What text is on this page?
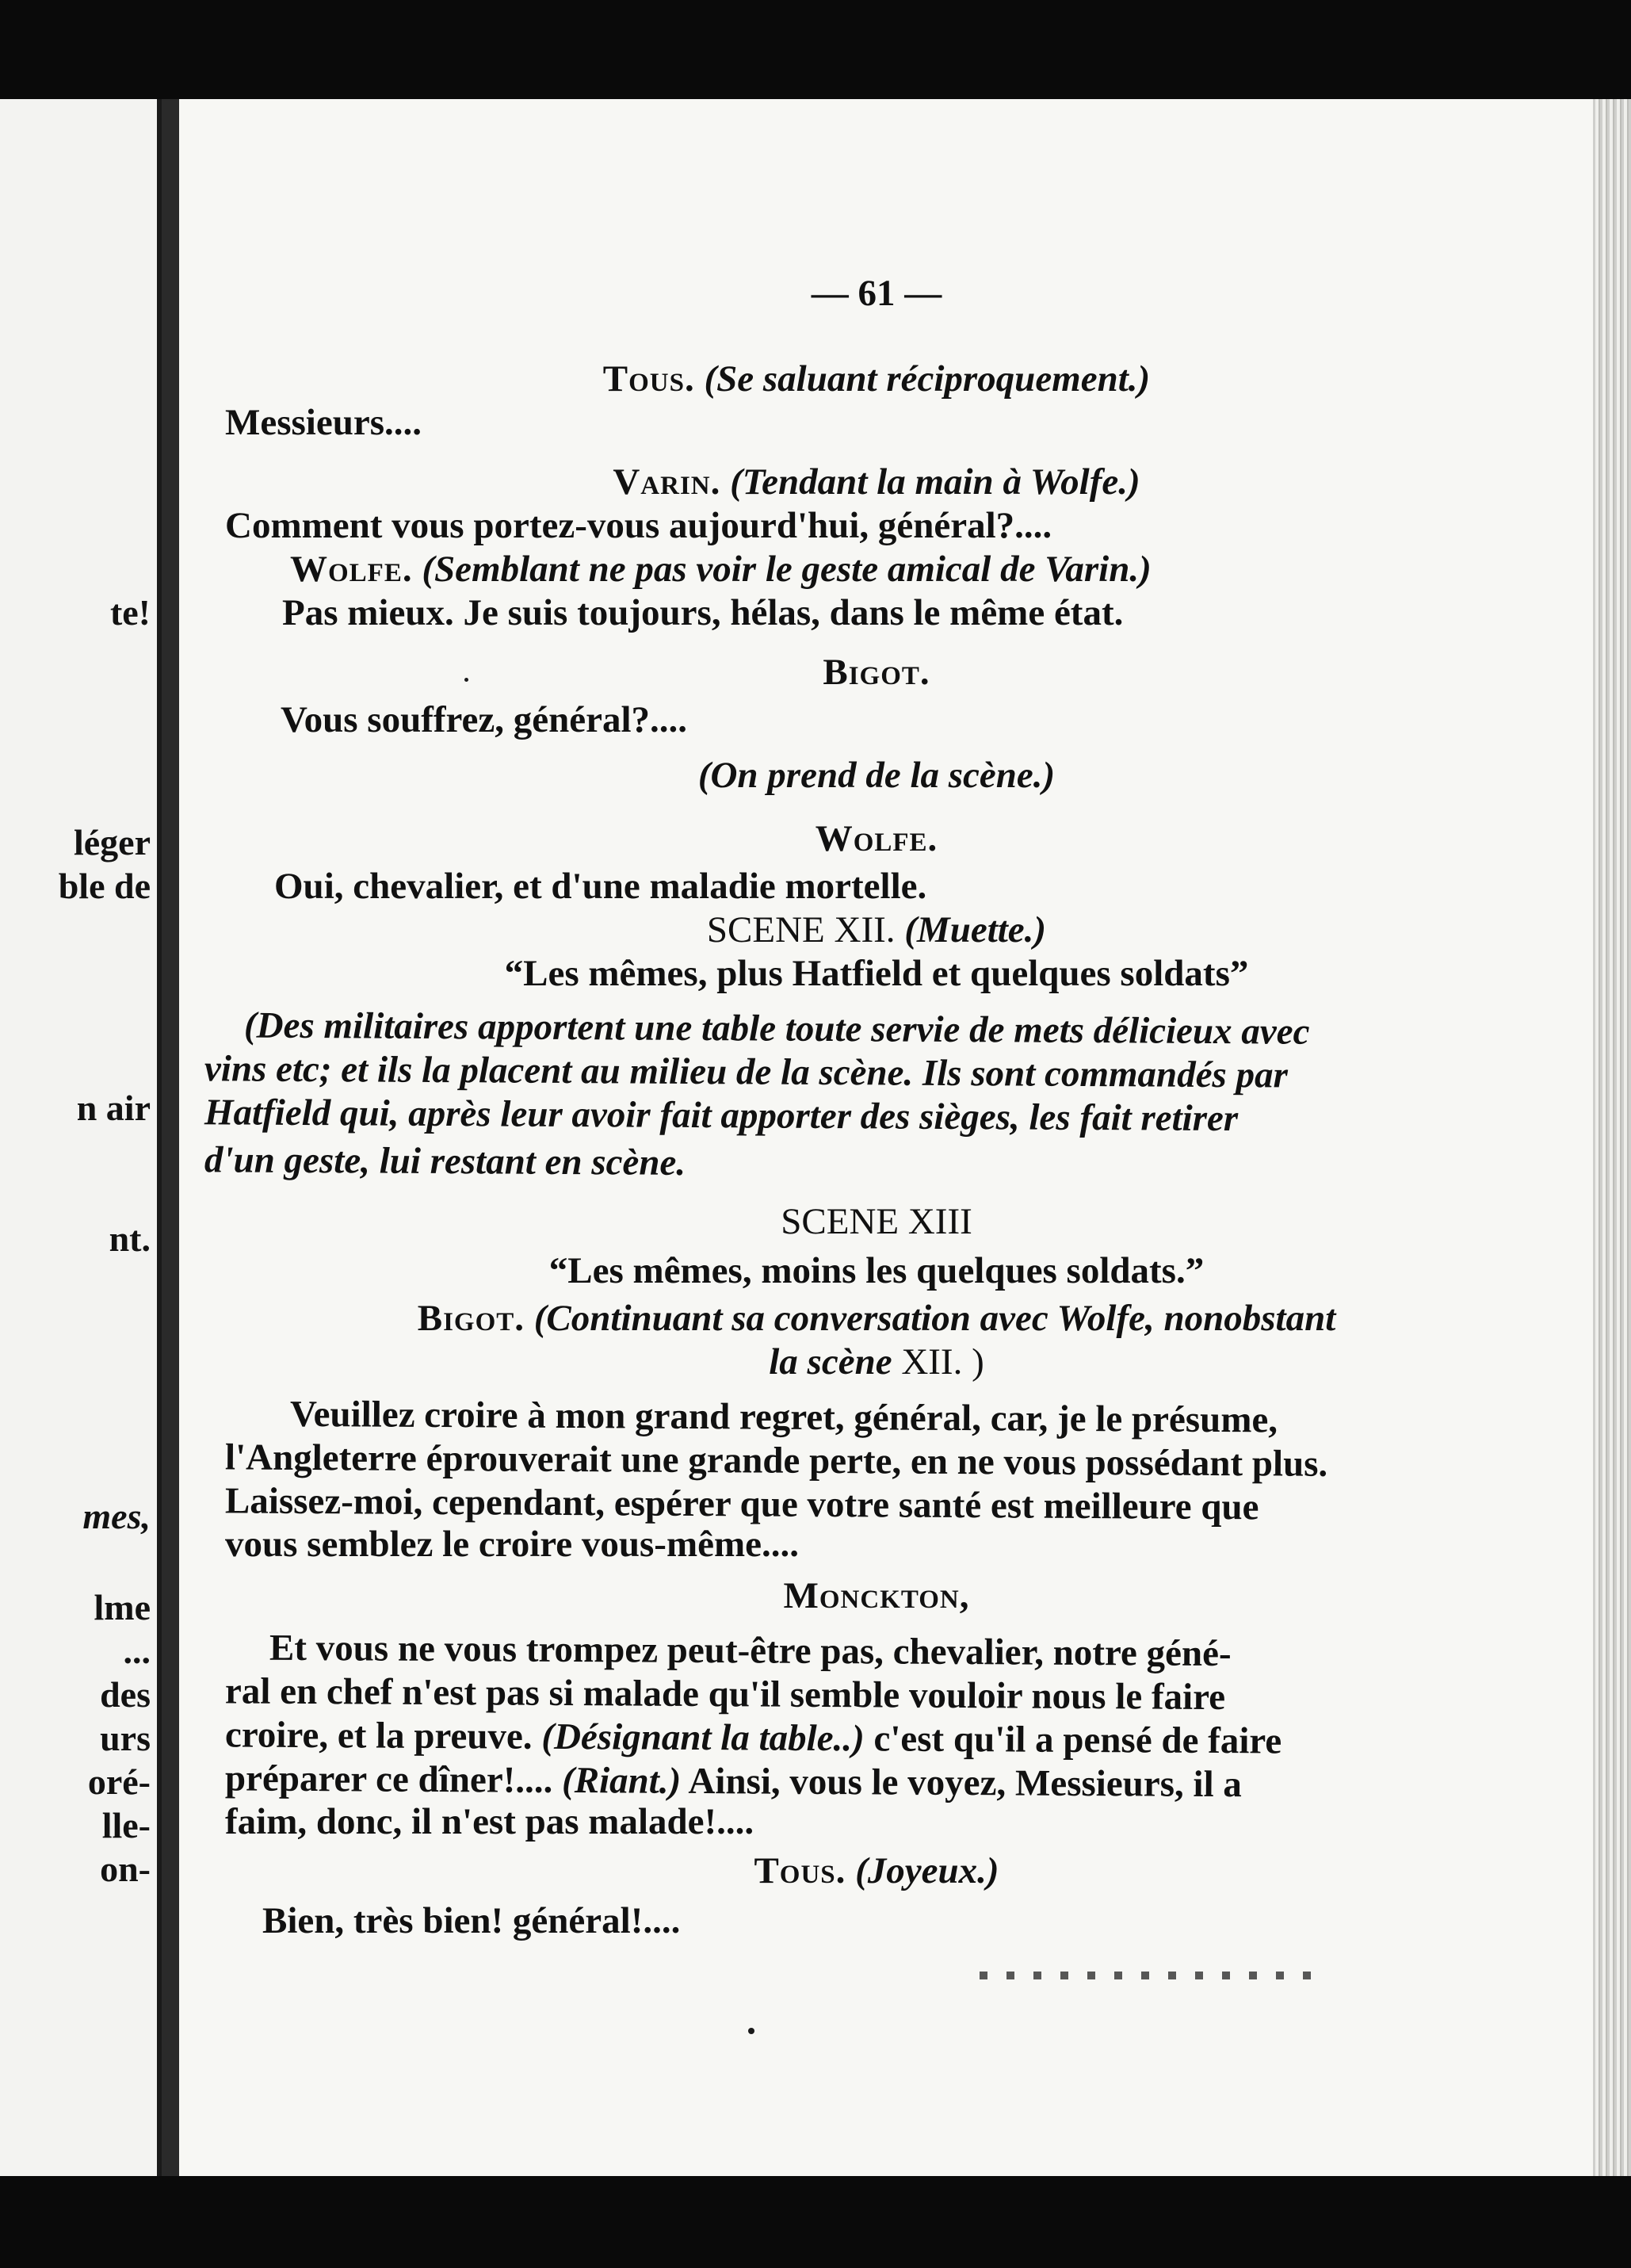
te!
léger
ble de
n air
nt.
mes,
lme
...
des
urs
oré-
lle-
on-
— 61 —
Tous. (Se saluant réciproquement.)
Messieurs....
Varin. (Tendant la main à Wolfe.)
Comment vous portez-vous aujourd'hui, général?....
Wolfe. (Semblant ne pas voir le geste amical de Varin.)
Pas mieux. Je suis toujours, hélas, dans le même état.
Bigot.
Vous souffrez, général?....
(On prend de la scène.)
Wolfe.
Oui, chevalier, et d'une maladie mortelle.
SCENE XII. (Muette.)
“Les mêmes, plus Hatfield et quelques soldats”
(Des militaires apportent une table toute servie de mets délicieux avec
vins etc; et ils la placent au milieu de la scène. Ils sont commandés par
Hatfield qui, après leur avoir fait apporter des sièges, les fait retirer
d'un geste, lui restant en scène.
SCENE XIII
“Les mêmes, moins les quelques soldats.”
Bigot. (Continuant sa conversation avec Wolfe, nonobstant
la scène XII. )
Veuillez croire à mon grand regret, général, car, je le présume,
l'Angleterre éprouverait une grande perte, en ne vous possédant plus.
Laissez-moi, cependant, espérer que votre santé est meilleure que
vous semblez le croire vous-même....
Monckton,
Et vous ne vous trompez peut-être pas, chevalier, notre géné-
ral en chef n'est pas si malade qu'il semble vouloir nous le faire
croire, et la preuve. (Désignant la table..) c'est qu'il a pensé de faire
préparer ce dîner!.... (Riant.) Ainsi, vous le voyez, Messieurs, il a
faim, donc, il n'est pas malade!....
Tous. (Joyeux.)
Bien, très bien! général!....
